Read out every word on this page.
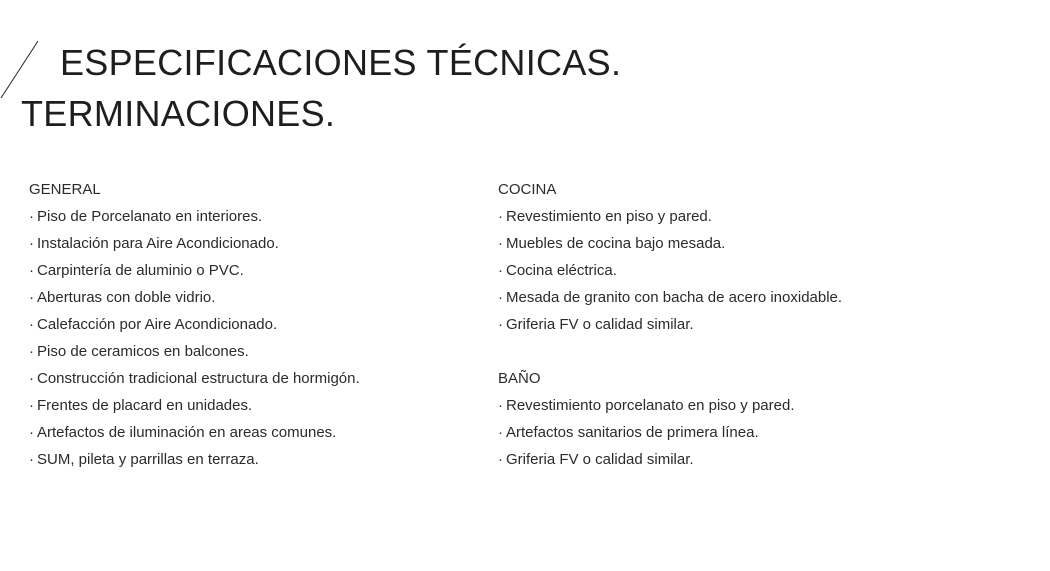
ESPECIFICACIONES TÉCNICAS.
TERMINACIONES.
GENERAL
· Piso de Porcelanato en interiores.
· Instalación para Aire Acondicionado.
· Carpintería de aluminio o PVC.
· Aberturas con doble vidrio.
· Calefacción por Aire Acondicionado.
· Piso de ceramicos en balcones.
· Construcción tradicional estructura de hormigón.
· Frentes de placard en unidades.
· Artefactos de iluminación en areas comunes.
· SUM, pileta y parrillas en terraza.
COCINA
· Revestimiento en piso y pared.
· Muebles de cocina bajo mesada.
· Cocina eléctrica.
· Mesada de granito con bacha de acero inoxidable.
· Griferia FV o calidad similar.
BAÑO
· Revestimiento porcelanato en piso y pared.
· Artefactos sanitarios de primera línea.
· Griferia FV o calidad similar.
